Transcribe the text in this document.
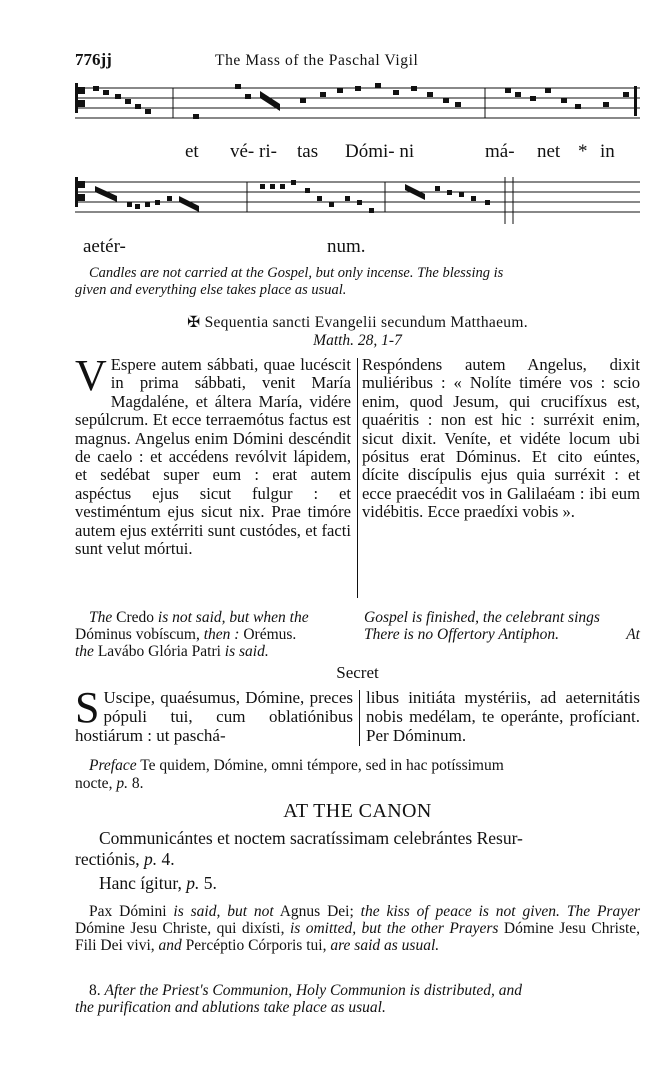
776jj	The Mass of the Paschal Vigil
et vé- ri- tas Dómi- ni	má- net * in
aetér-	num.
Candles are not carried at the Gospel, but only incense. The blessing is
given and everything else takes place as usual.
✠ Sequentia sancti Evangelii secundum Matthaeum.
Matth. 28, 1-7
V Espere autem sábbati, quae lucéscit in prima sábbati, venit María Magdaléne, et áltera María, vidére sepúlcrum. Et ecce terraemótus factus est magnus. Angelus enim Dómini descéndit de caelo : et accédens revólvit lápidem, et sedébat super eum : erat autem aspéctus ejus sicut fulgur : et vestiméntum ejus sicut nix. Prae timóre autem ejus extérriti sunt custódes, et facti sunt velut mórtui.

Respóndens autem Angelus, dixit muliéribus : « Nolíte timére vos : scio enim, quod Jesum, qui crucifíxus est, quaéritis : non est hic : surréxit enim, sicut dixit. Veníte, et vidéte locum ubi pósitus erat Dóminus. Et cito eúntes, dícite discípulis ejus quia surréxit : et ecce praecédit vos in Galilaéam : ibi eum vidébitis. Ecce praedíxi vobis ».

The Credo is not said, but when the
Dóminus vobíscum, then : Orémus.
the Lavábo Glória Patri is said.
Gospel is finished, the celebrant sings
There is no Offertory Antiphon.	At
Secret
S Uscipe, quaésumus, Dómine, preces pópuli tui, cum oblatiónibus hostiárum : ut paschá-

libus initiáta mystériis, ad aeternitátis nobis medélam, te operánte, profíciant. Per Dóminum.

Preface Te quidem, Dómine, omni témpore, sed in hac potíssimum
nocte, p. 8.
AT THE CANON
Communicántes et noctem sacratíssimam celebrántes Resur-
rectiónis, p. 4.
Hanc ígitur, p. 5.
Pax Dómini is said, but not Agnus Dei; the kiss of peace is not given. The Prayer Dómine Jesu Christe, qui dixísti, is omitted, but the other Prayers Dómine Jesu Christe, Fili Dei vivi, and Percéptio Córporis tui, are said as usual.
8. After the Priest's Communion, Holy Communion is distributed, and
the purification and ablutions take place as usual.
